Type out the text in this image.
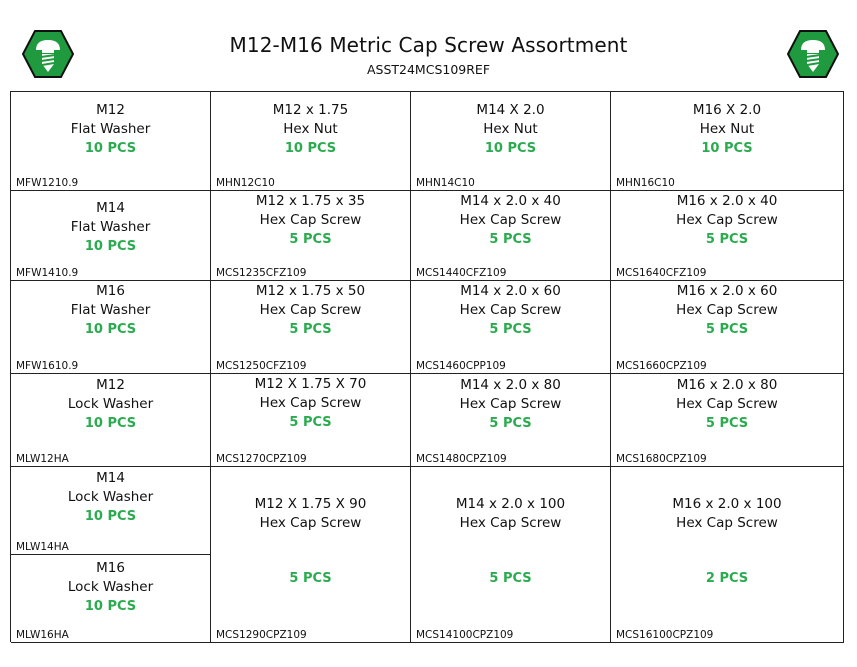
M12-M16 Metric Cap Screw Assortment
ASST24MCS109REF
M12
Flat Washer
10 PCS
MFW1210.9
M12 x 1.75
Hex Nut
10 PCS
MHN12C10
M14 X 2.0
Hex Nut
10 PCS
MHN14C10
M16 X 2.0
Hex Nut
10 PCS
MHN16C10
M14
Flat Washer
10 PCS
MFW1410.9
M12 x 1.75 x 35
Hex Cap Screw
5 PCS
MCS1235CFZ109
M14 x 2.0 x 40
Hex Cap Screw
5 PCS
MCS1440CFZ109
M16 x 2.0 x 40
Hex Cap Screw
5 PCS
MCS1640CFZ109
M16
Flat Washer
10 PCS
MFW1610.9
M12 x 1.75 x 50
Hex Cap Screw
5 PCS
MCS1250CFZ109
M14 x 2.0 x 60
Hex Cap Screw
5 PCS
MCS1460CPP109
M16 x 2.0 x 60
Hex Cap Screw
5 PCS
MCS1660CPZ109
M12
Lock Washer
10 PCS
MLW12HA
M12 X 1.75 X 70
Hex Cap Screw
5 PCS
MCS1270CPZ109
M14 x 2.0 x 80
Hex Cap Screw
5 PCS
MCS1480CPZ109
M16 x 2.0 x 80
Hex Cap Screw
5 PCS
MCS1680CPZ109
M14
Lock Washer
10 PCS
MLW14HA
M16
Lock Washer
10 PCS
MLW16HA
M12 X 1.75 X 90
Hex Cap Screw
5 PCS
MCS1290CPZ109
M14 x 2.0 x 100
Hex Cap Screw
5 PCS
MCS14100CPZ109
M16 x 2.0 x 100
Hex Cap Screw
2 PCS
MCS16100CPZ109
